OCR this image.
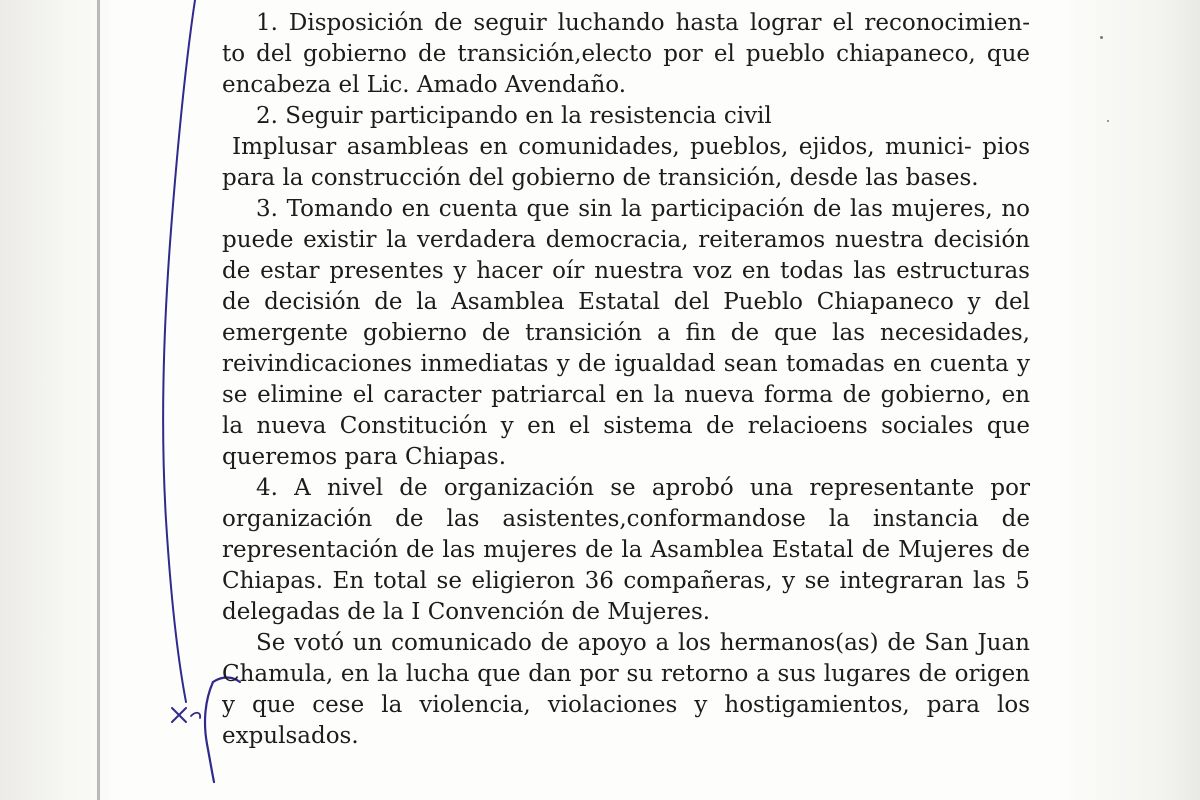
1. Disposición de seguir luchando hasta lograr el reconocimien- to del gobierno de transición,electo por el pueblo chiapaneco, que encabeza el Lic. Amado Avendaño.

2. Seguir participando en la resistencia civil

Implusar asambleas en comunidades, pueblos, ejidos, munici- pios para la construcción del gobierno de transición, desde las bases.

3. Tomando en cuenta que sin la participación de las mujeres, no puede existir la verdadera democracia, reiteramos nuestra decisión de estar presentes y hacer oír nuestra voz en todas las estructuras de decisión de la Asamblea Estatal del Pueblo Chiapaneco y del emergente gobierno de transición a fin de que las necesidades, reivindicaciones inmediatas y de igualdad sean tomadas en cuenta y se elimine el caracter patriarcal en la nueva forma de gobierno, en la nueva Constitución y en el sistema de relacioens sociales que queremos para Chiapas.

4. A nivel de organización se aprobó una representante por organización de las asistentes,conformandose la instancia de representación de las mujeres de la Asamblea Estatal de Mujeres de Chiapas. En total se eligieron 36 compañeras, y se integraran las 5 delegadas de la I Convención de Mujeres.

Se votó un comunicado de apoyo a los hermanos(as) de San Juan Chamula, en la lucha que dan por su retorno a sus lugares de origen y que cese la violencia, violaciones y hostigamientos, para los expulsados.
